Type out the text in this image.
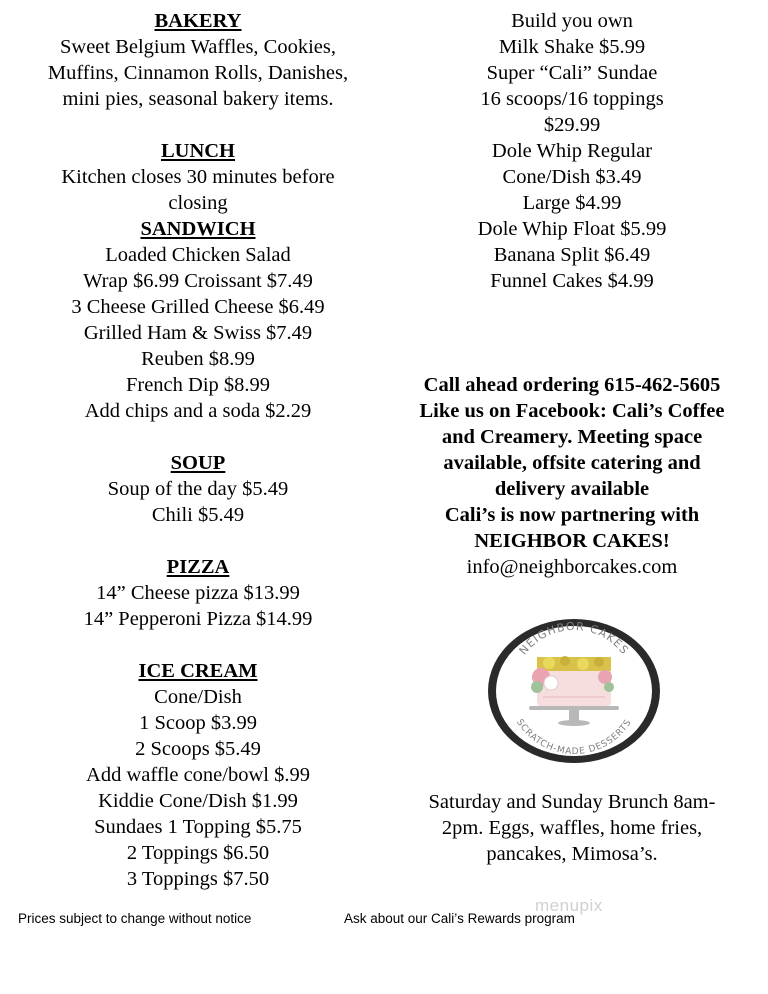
BAKERY
Sweet Belgium Waffles, Cookies,
Muffins, Cinnamon Rolls, Danishes,
mini pies, seasonal bakery items.
LUNCH
Kitchen closes 30 minutes before
closing
SANDWICH
Loaded Chicken Salad
Wrap $6.99 Croissant $7.49
3 Cheese Grilled Cheese $6.49
Grilled Ham & Swiss $7.49
Reuben $8.99
French Dip $8.99
Add chips and a soda $2.29
SOUP
Soup of the day $5.49
Chili $5.49
PIZZA
14” Cheese pizza $13.99
14” Pepperoni Pizza $14.99
ICE CREAM
Cone/Dish
1 Scoop $3.99
2 Scoops $5.49
Add waffle cone/bowl $.99
Kiddie Cone/Dish $1.99
Sundaes 1 Topping $5.75
2 Toppings $6.50
3 Toppings $7.50
Build you own
Milk Shake $5.99
Super “Cali” Sundae
16 scoops/16 toppings
$29.99
Dole Whip Regular
Cone/Dish $3.49
Large $4.99
Dole Whip Float $5.99
Banana Split $6.49
Funnel Cakes $4.99
Call ahead ordering 615-462-5605
Like us on Facebook: Cali’s Coffee
and Creamery. Meeting space
available, offsite catering and
delivery available
Cali’s is now partnering with
NEIGHBOR CAKES!
info@neighborcakes.com
NEIGHBOR CAKES
SCRATCH-MADE DESSERTS
Saturday and Sunday Brunch 8am-
2pm. Eggs, waffles, home fries,
pancakes, Mimosa’s.
menupix
Prices subject to change without notice	Ask about our Cali’s Rewards program
